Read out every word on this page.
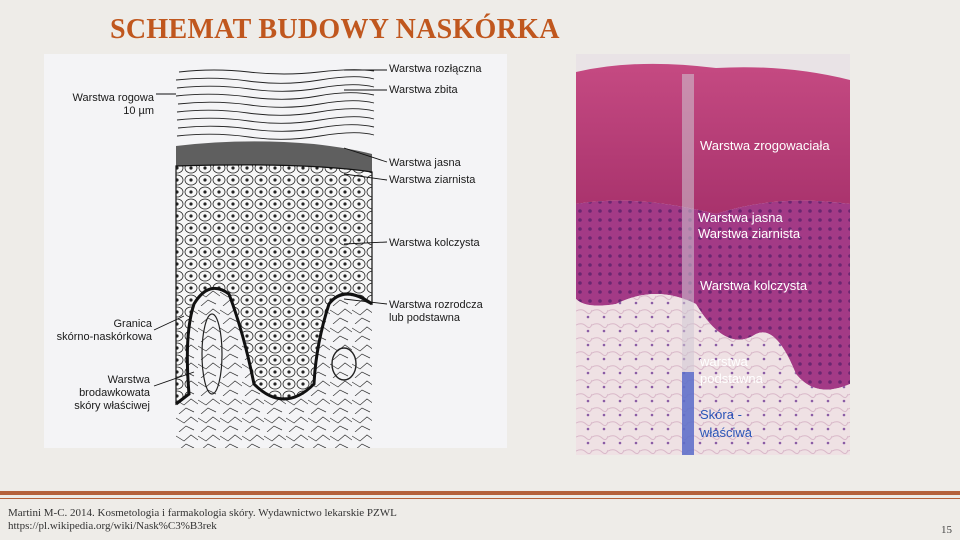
SCHEMAT BUDOWY NASKÓRKA
Warstwa rozłączna
Warstwa zbita
Warstwa jasna
Warstwa ziarnista
Warstwa kolczysta
Warstwa rozrodcza
lub podstawna
Warstwa rogowa
10 µm
Granica
skórno-naskórkowa
Warstwa
brodawkowata
skóry właściwej
Warstwa zrogowaciała
Warstwa jasna
Warstwa ziarnista
Warstwa kolczysta
warstwa
podstawna
Skóra -
właściwa
Martini M-C. 2014. Kosmetologia i farmakologia skóry. Wydawnictwo lekarskie PZWL
https://pl.wikipedia.org/wiki/Nask%C3%B3rek	15
